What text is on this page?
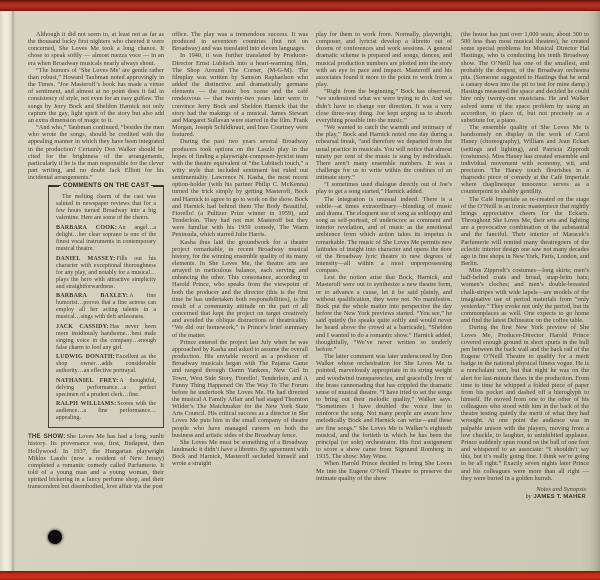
Although it did not seem to, at least not as far as the thousand lucky first nighters who cheered it were concerned, She Loves Me took a long chance. It chose to speak softly — almost mezza voce — in an era when Broadway musicals nearly always shout.

“The humors of ‘She Loves Me’ are gentle rather than robust,” Howard Taubman noted approvingly in the Times. “Joe Masteroff’s book has made a virtue of sentiment, and almost at no point does it fail in consistency of style, not even for an easy guffaw. The songs by Jerry Bock and Sheldon Harnick not only capture the gay, light spirit of the story but also add an extra dimension of magic to it.

“And who,” Taubman continued, “besides the men who wrote the songs, should be credited with the appealing manner in which they have been integrated in the production? Certainly Don Walker should be cited for the brightness of the arrangements, particularly if he is the man responsible for the clever part writing, and no doubt Jack Elliott for his incidental arrangements.”

COMMENTS ON THE CAST

The melting charm of the cast was saluted in newspaper reviews that for a few hours turned Broadway into a big valentine. Here are some of the cheers.

BARBARA COOK:An angel…a delight…her clear soprano is one of the finest vocal instruments in contemporary musical theatre.

DANIEL MASSEY:Fills out his character with exceptional thoroughness for any play, and notably for a musical…plays the hero with attractive simplicity and straightforwardness.

BARBARA BAXLEY:A fine humorist…proves that a fine actress can employ all her acting talents in a musical…sings with deft artlessness.

JACK CASSIDY:Has never been more insidiously handsome…best male singing voice in the company…enough false charm to fool any girl.

LUDWIG DONATH:Excellent as the shop owner…adds considerable authority…an effective portrayal.

NATHANIEL FREY:A thoughtful, delving performance…a perfect specimen of a prudent clerk…fine.

RALPH WILLIAMS:Scores with the audience…a fine performance…appealing.

THE SHOW:She Loves Me has had a long, sunlit history. Its provenance was, first, Budapest, then Hollywood. In 1937, the Hungarian playwright Miklos Laszlo (now a resident of New Jersey) completed a romantic comedy called Parfumerie. It told of a young man and a young woman, their spirited bickering in a fancy perfume shop, and their transcendent but disembodied, love affair via the post

office. The play was a tremendous success. It was produced in seventeen countries (but not on Broadway) and was translated into eleven languages.

In 1940, it was further translated by Producer-Director Ernst Lubitsch into a heart-warming film, The Shop Around The Corner, (M-G-M). The filmplay was written by Samson Raphaelson who added the distinctive and dramatically germane elements — the music box scene and the café rendezvous — that twenty-two years later were to convince Jerry Bock and Sheldon Harnick that the story had the makings of a musical. James Stewart and Margaret Sullavan were starred in the film. Frank Morgan, Joseph Schildkraut, and Inez Courtney were featured.

During the past two years several Broadway producers took options on the Laszlo play in the hopes of finding a playwright-composer-lyricist team with the theatre equivalent of “the Lubitsch touch,” a witty style that included sentiment but ruled out sentimentality. Lawrence N. Kasha, the most recent option-holder (with his partner Philip C. McKenna) turned the trick simply by getting Masteroff, Bock and Harnick to agree to go to work on the show. Bock and Harnick had behind them The Body Beautiful, Fiorello! (a Pulitzer Prize winner in 1959), and Tenderloin. They had not met Masteroff but they were familiar with his 1959 comedy, The Warm Peninsula, which starred Julie Harris.

Kasha thus laid the groundwork for a theatre project remarkable, in recent Broadway musical history, for the winning ensemble quality of its many elements. In She Loves Me, the theatre arts are arrayed in meticulous balance, each serving and enhancing the other. This consonance, according to Harold Prince, who speaks from the viewpoint of both the producer and the director (this is the first time he has undertaken both responsibilities), is the result of a community attitude on the part of all concerned that kept the project on target creatively and avoided the oblique distractions of theatricality. “We did our homework,” is Prince’s brief summary of the matter.

Prince entered the project last July when he was approached by Kasha and asked to assume the overall production. His enviable record as a producer of Broadway musicals began with The Pajama Game and ranged through Damn Yankees, New Girl In Town, West Side Story, Fiorello!, Tenderloin, and A Funny Thing Happened On The Way To The Forum before he undertook She Loves Me. He had directed the musical A Family Affair and had staged Thornton Wilder’s The Matchmaker for the New York State Arts Council. His critical success as a director in She Loves Me puts him in the small company of theatre people who have managed careers on both the business and artistic sides of the Broadway fence.

She Loves Me must be something of a Broadway landmark: it didn’t have a libretto. By agreement with Bock and Harnick, Masteroff secluded himself and wrote a straight

play for them to work from. Normally, playwright, composer, and lyricist develop a libretto out of dozens of conferences and work sessions. A general dramatic scheme is prepared and songs, dances, and musical production numbers are plotted into the story with an eye to pace and impact. Masteroff and his associates found it more to the point to work from a play.

“Right from the beginning,” Bock has observed, “we understood what we were trying to do. And we didn’t have to change our direction. It was a very close three-way thing. Joe kept urging us to absorb everything possible into the music.”

“We wanted to catch the warmth and intimacy of the play,” Bock and Harnick noted one day during a rehearsal break, “and therefore we departed from the usual practice in musicals. You will notice that almost ninety per cent of the music is sung by individuals. There aren’t many ensemble numbers. It was a challenge for us to write within the confines of an intimate story.”

“I sometimes used dialogue directly out of Joe’s play to get a song started,” Harnick added.

The integration is unusual indeed. There is a subtle—at times extraordinary—blending of music and drama. The eloquent use of song as soliloquy and song as self-portrait, of underscore as comment and interior revelation, and of music as the emotional ambience from which action takes its impetus is remarkable. The music of She Loves Me permits new latitudes of insight into character and opens the door of the Broadway lyric theatre to new degrees of intensity—all within a most unprepossessing compass.

Lest the notion arise that Bock, Harnick, and Masteroff were out to synthesize a new theatre form, or to advance a cause, let it be said plainly, and without qualification, they were not. No manifestos. Bock put the whole matter into perspective the day before the New York previews started. “You see,” he said quietly (he speaks quite softly and would never be heard above the crowd at a barricade), “Sheldon and I wanted to do a romantic show.” Harnick added, thoughtfully, “We’ve never written so tenderly before.”

The latter comment was later underscored by Don Walker whose orchestration for She Loves Me is pointed, marvelously appropriate in its string weight and woodwind transparencies, and gracefully free of the brass cannonading that has crippled the dramatic sense of musical theatre. “I have tried to set the songs to bring out their melodic quality,” Walker says. “Sometimes I have doubled the voice line to reinforce the song. Not many people are aware how melodically Bock and Harnick can write—and these are fine songs.” She Loves Me is Walker’s eightieth musical, and the fortieth in which he has been the principal (or sole) orchestrator. His first assignment to score a show came from Sigmund Romberg in 1935. The show: May Wine.

When Harold Prince decided to bring She Loves Me into the Eugene O’Neill Theatre to preserve the intimate quality of the show

(the house has just over 1,000 seats; about 300 to 500 less than most musical theatres), he created some special problems for Musical Director Hal Hastings, who is conducting his tenth Broadway show. The O’Neill has one of the smallest, and probably the deepest, of the Broadway orchestra pits. (Someone suggested to Hastings that he send a canary down into the pit to test for mine damp.) Hastings measured the space and decided he could hire only twenty-one musicians. He and Walker solved some of the space problem by using an accordion, in place of, but not precisely as a substitute for, a piano.

The ensemble quality of She Loves Me is handsomely on display in the work of Carol Haney (choreography), William and Jean Eckart (settings and lighting), and Patricia Zipprodt (costumes). Miss Haney has created ensemble and individual movement with economy, wit, and precision. The Haney touch flourishes in a rhapsodic piece of comedy at the Café Imperiale where chaplinesque innocence serves as a counterpoint to shabby gentility.

The Café Imperiale as re-created on the stage of the O’Neill is an ironic masterpiece that nightly brings appreciative cheers for the Eckarts. Throughout She Loves Me, their sets and lighting are a provocative combination of the substantial and the fanciful. Their interior of Maracek’s Parfumerie will remind many theatregoers of the eclectic interior design one saw not many decades ago in fine shops in New York, Paris, London, and Berlin.

Miss Zipprodt’s costumes—long skirts; men’s half-belted coats and broad, snap-brim hats; women’s cloches; and men’s double-breasted chalk-stripes with wide lapels—are models of the imaginative use of period materials from “only yesterday.” They evoke not only the period, but its commonplaces as well. One expects to go home and find the latest Delineator on the coffee table.

During the first New York preview of She Loves Me, Producer-Director Harold Prince covered enough ground in short spurts in the bull pen between the back wall and the back rail of the Eugene O’Neill Theatre to qualify for a merit badge in the national physical fitness vogue. He is a nonchalant sort, but that night he was on the alert for last-minute flaws in the production. From time to time he whipped a folded piece of paper from his pocket and dashed off a hieroglyph to himself. He moved from one to the other of his colleagues who stood with him in the back of the theatre testing quietly the merit of what they had wrought. At one point the audience was in palpable unison with the players, moving from a low chuckle, to laughter, to uninhibited applause. Prince suddenly spun round on the ball of one foot and whispered to an associate: “I shouldn’t say this, but it’s really going fine. I think we’re going to be all right.” Exactly seven nights later Prince and his colleagues were more than all right — they were buried in a golden hurrah.

Notes and Synopsis
by JAMES T. MAHER
